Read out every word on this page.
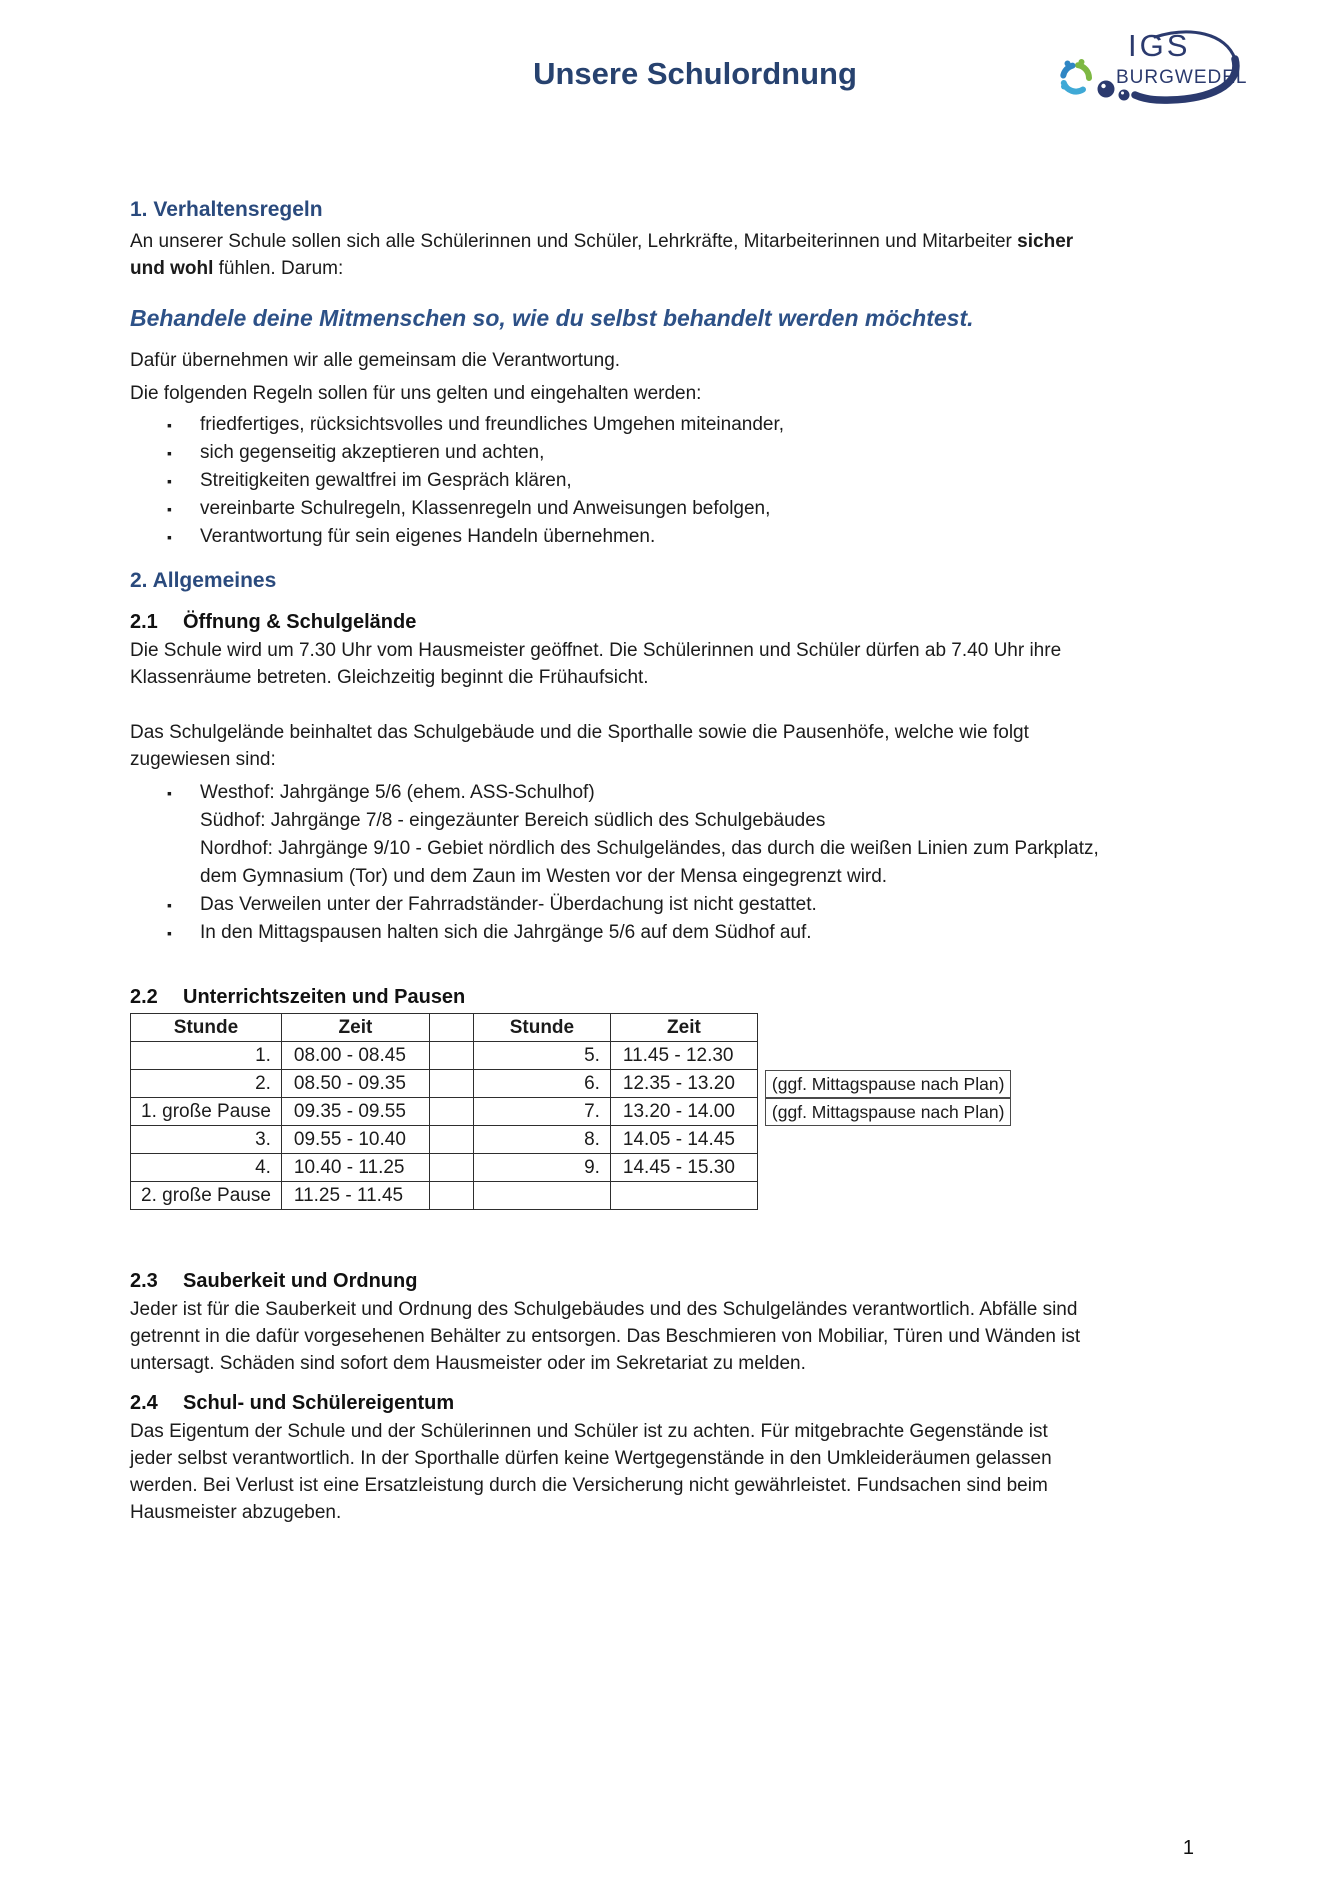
IGS
BURGWEDEL
Unsere Schulordnung
1. Verhaltensregeln

An unserer Schule sollen sich alle Schülerinnen und Schüler, Lehrkräfte, Mitarbeiterinnen und Mitarbeiter sicher
und wohl fühlen. Darum:

Behandele deine Mitmenschen so, wie du selbst behandelt werden möchtest.

Dafür übernehmen wir alle gemeinsam die Verantwortung.

Die folgenden Regeln sollen für uns gelten und eingehalten werden:

▪ friedfertiges, rücksichtsvolles und freundliches Umgehen miteinander,
▪ sich gegenseitig akzeptieren und achten,
▪ Streitigkeiten gewaltfrei im Gespräch klären,
▪ vereinbarte Schulregeln, Klassenregeln und Anweisungen befolgen,
▪ Verantwortung für sein eigenes Handeln übernehmen.
2. Allgemeines
2.1 Öffnung & Schulgelände

Die Schule wird um 7.30 Uhr vom Hausmeister geöffnet. Die Schülerinnen und Schüler dürfen ab 7.40 Uhr ihre
Klassenräume betreten. Gleichzeitig beginnt die Frühaufsicht.

Das Schulgelände beinhaltet das Schulgebäude und die Sporthalle sowie die Pausenhöfe, welche wie folgt
zugewiesen sind:

▪ Westhof: Jahrgänge 5/6 (ehem. ASS-Schulhof)
Südhof: Jahrgänge 7/8 - eingezäunter Bereich südlich des Schulgebäudes
Nordhof: Jahrgänge 9/10 - Gebiet nördlich des Schulgeländes, das durch die weißen Linien zum Parkplatz,
dem Gymnasium (Tor) und dem Zaun im Westen vor der Mensa eingegrenzt wird.
▪ Das Verweilen unter der Fahrradständer- Überdachung ist nicht gestattet.
▪ In den Mittagspausen halten sich die Jahrgänge 5/6 auf dem Südhof auf.
2.2 Unterrichtszeiten und Pausen
Stunde	Zeit		Stunde	Zeit	
1.	08.00 - 08.45		5.	11.45 - 12.30	
2.	08.50 - 09.35		6.	12.35 - 13.20	(ggf. Mittagspause nach Plan)

1. große Pause	09.35 - 09.55		7.	13.20 - 14.00	(ggf. Mittagspause nach Plan)

3.	09.55 - 10.40		8.	14.05 - 14.45	
4.	10.40 - 11.25		9.	14.45 - 15.30	
2. große Pause	11.25 - 11.45				
2.3 Sauberkeit und Ordnung

Jeder ist für die Sauberkeit und Ordnung des Schulgebäudes und des Schulgeländes verantwortlich. Abfälle sind
getrennt in die dafür vorgesehenen Behälter zu entsorgen. Das Beschmieren von Mobiliar, Türen und Wänden ist
untersagt. Schäden sind sofort dem Hausmeister oder im Sekretariat zu melden.

2.4 Schul- und Schülereigentum

Das Eigentum der Schule und der Schülerinnen und Schüler ist zu achten. Für mitgebrachte Gegenstände ist
jeder selbst verantwortlich. In der Sporthalle dürfen keine Wertgegenstände in den Umkleideräumen gelassen
werden. Bei Verlust ist eine Ersatzleistung durch die Versicherung nicht gewährleistet. Fundsachen sind beim
Hausmeister abzugeben.

1
